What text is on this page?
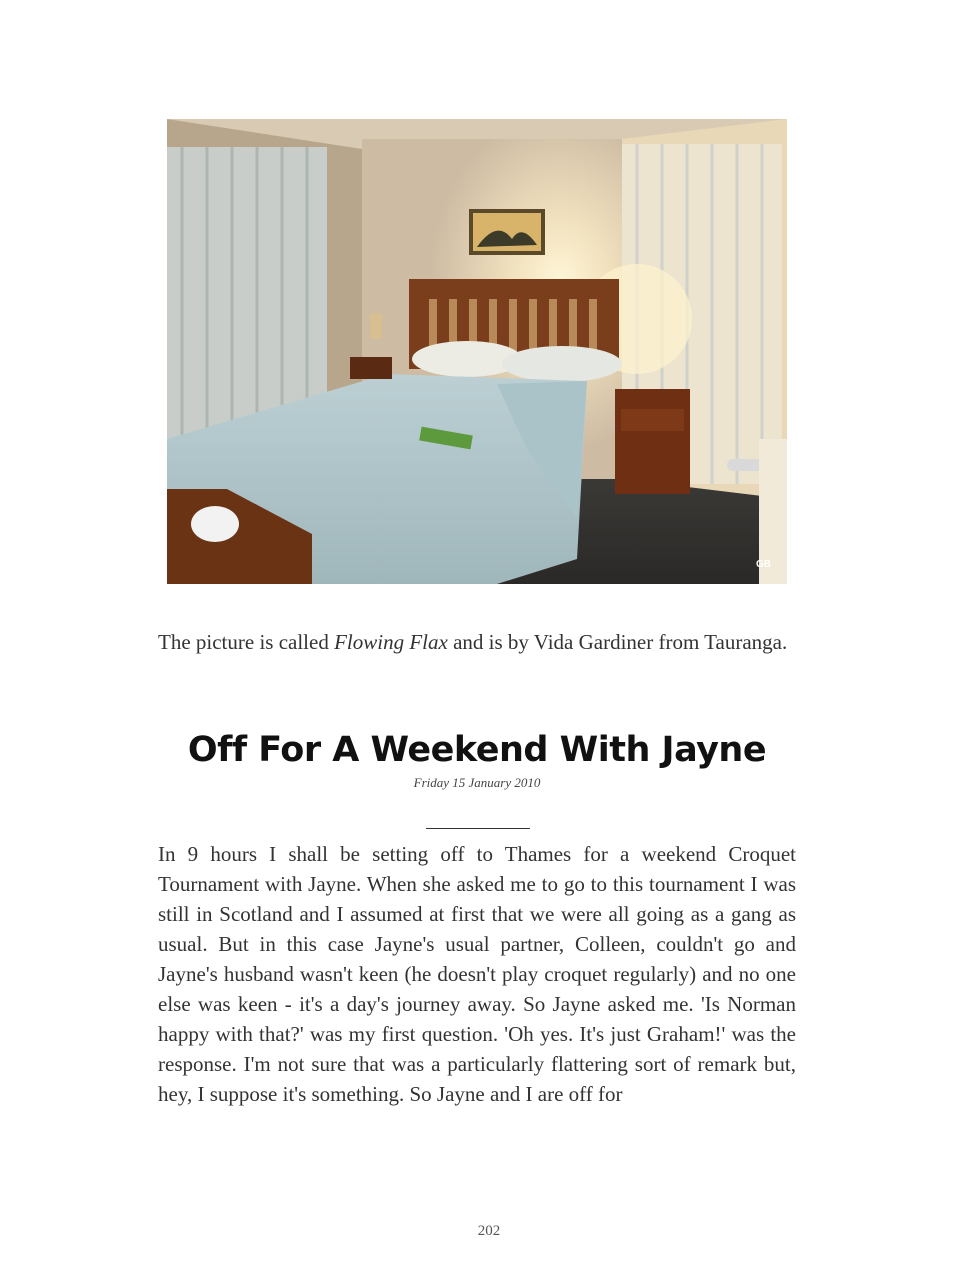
GB
The picture is called Flowing Flax and is by Vida Gardiner from Tauranga.
Off For A Weekend With Jayne
Friday 15 January 2010
In 9 hours I shall be setting off to Thames for a weekend Croquet Tournament with Jayne. When she asked me to go to this tournament I was still in Scotland and I assumed at first that we were all going as a gang as usual. But in this case Jayne's usual partner, Colleen, couldn't go and Jayne's husband wasn't keen (he doesn't play croquet regularly) and no one else was keen - it's a day's journey away. So Jayne asked me. 'Is Norman happy with that?' was my first question. 'Oh yes. It's just Graham!' was the response. I'm not sure that was a particularly flattering sort of remark but, hey, I suppose it's something. So Jayne and I are off for
202
